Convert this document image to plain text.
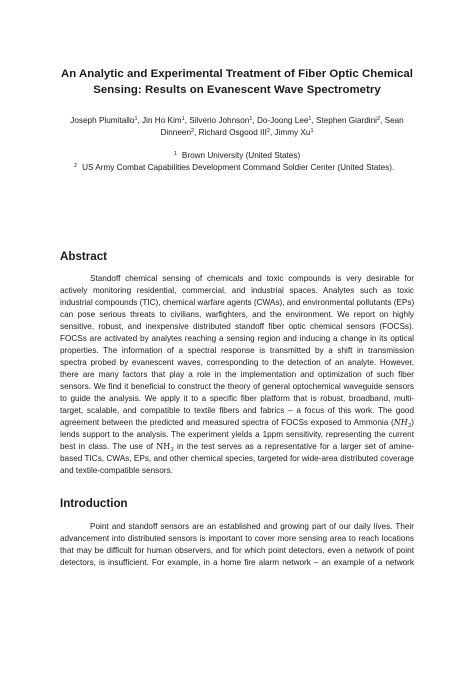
An Analytic and Experimental Treatment of Fiber Optic Chemical
Sensing: Results on Evanescent Wave Spectrometry
Joseph Plumitallo$^1$, Jin Ho Kim$^1$, Silverio Johnson$^1$, Do-Joong Lee$^1$, Stephen Giardini$^2$, Sean
Dinneen$^2$, Richard Osgood III$^2$, Jimmy Xu$^1$
$^1$ Brown University (United States)
$^2$ US Army Combat Capabilities Development Command Soldier Center (United States).
Abstract
Standoff chemical sensing of chemicals and toxic compounds is very desirable for
actively monitoring residential, commercial, and industrial spaces. Analytes such as toxic
industrial compounds (TIC), chemical warfare agents (CWAs), and environmental pollutants (EPs)
can pose serious threats to civilians, warfighters, and the environment. We report on highly
sensitive, robust, and inexpensive distributed standoff fiber optic chemical sensors (FOCSs).
FOCSs are activated by analytes reaching a sensing region and inducing a change in its optical
properties. The information of a spectral response is transmitted by a shift in transmission
spectra probed by evanescent waves, corresponding to the detection of an analyte. However,
there are many factors that play a role in the implementation and optimization of such fiber
sensors. We find it beneficial to construct the theory of general optochemical waveguide sensors
to guide the analysis. We apply it to a specific fiber platform that is robust, broadband, multi-
target, scalable, and compatible to textile fibers and fabrics – a focus of this work. The good
agreement between the predicted and measured spectra of FOCSs exposed to Ammonia $(NH_3)$
lends support to the analysis. The experiment yields a 1ppm sensitivity, representing the current
best in class. The use of $NH_3$ in the test serves as a representative for a larger set of amine-
based TICs, CWAs, EPs, and other chemical species, targeted for wide-area distributed coverage
and textile-compatible sensors.
Introduction
Point and standoff sensors are an established and growing part of our daily lives. Their
advancement into distributed sensors is important to cover more sensing area to reach locations
that may be difficult for human observers, and for which point detectors, even a network of point
detectors, is insufficient. For example, in a home fire alarm network – an example of a network
